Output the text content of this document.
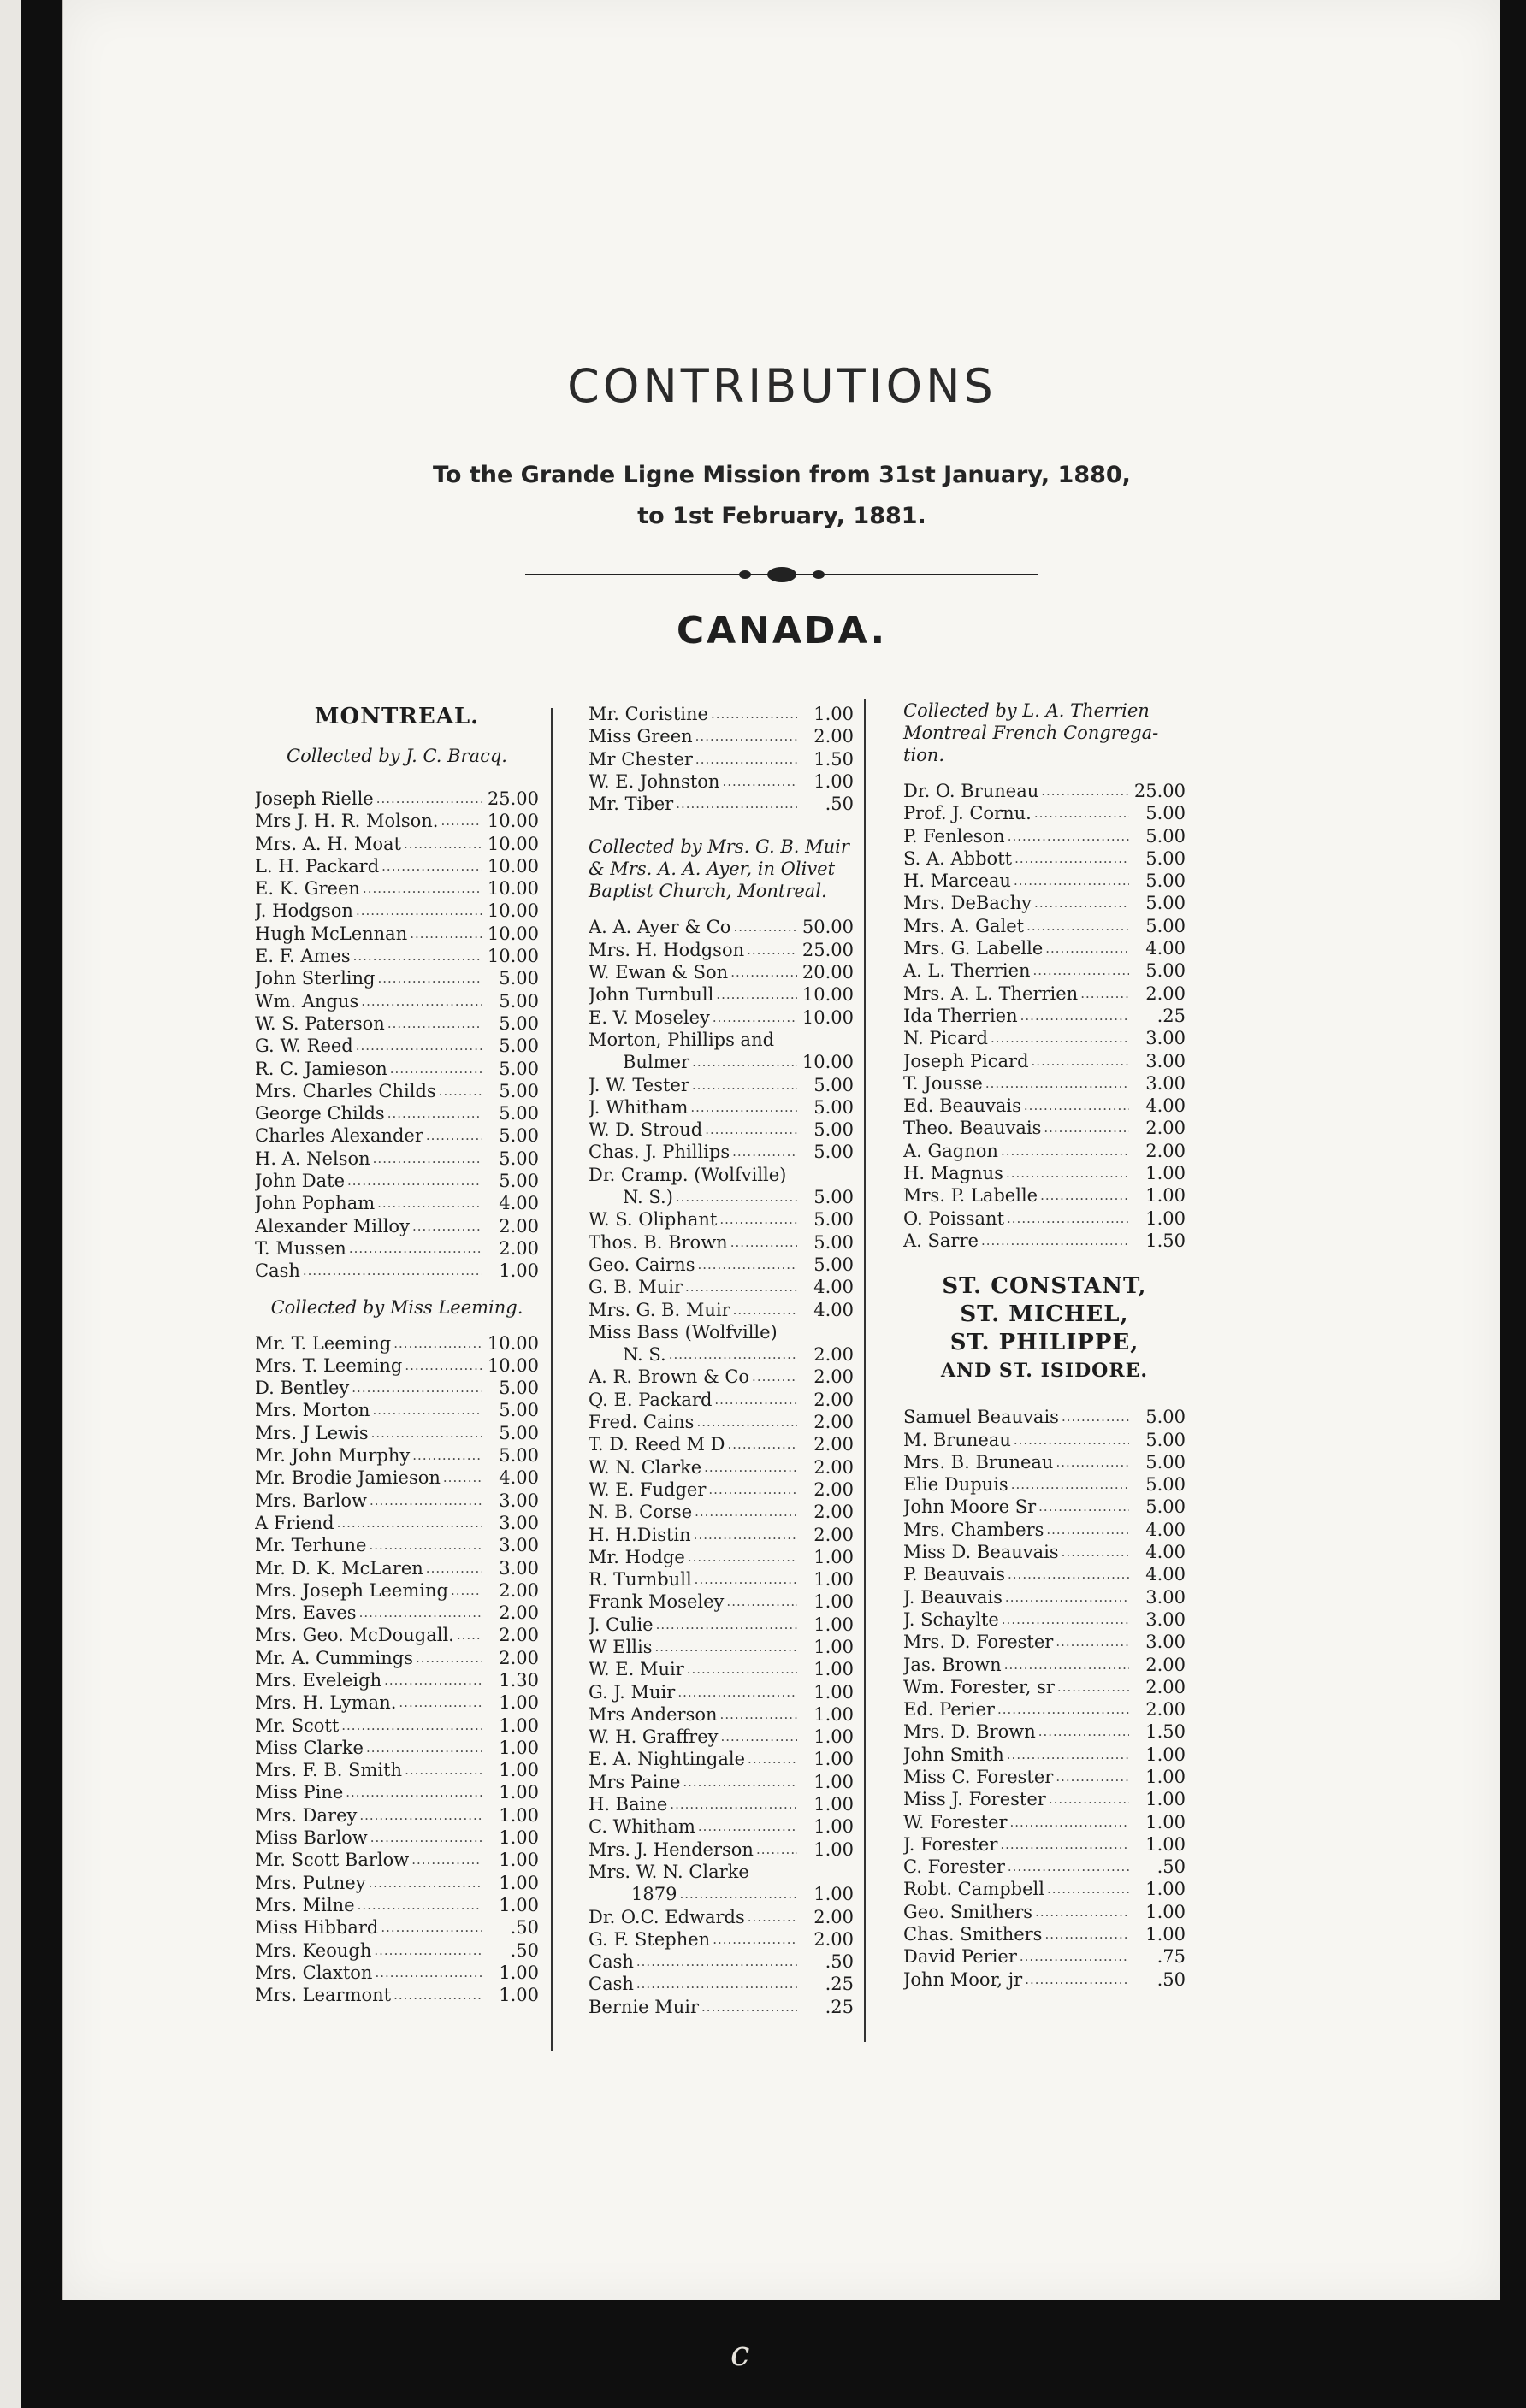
CONTRIBUTIONS
To the Grande Ligne Mission from 31st January, 1880,
to 1st February, 1881.
CANADA.
MONTREAL.
Collected by J. C. Bracq.
Joseph Rielle .....	25.00
Mrs J. H. R. Molson. .....	10.00
Mrs. A. H. Moat .....	10.00
L. H. Packard .....	10.00
E. K. Green .....	10.00
J. Hodgson .....	10.00
Hugh McLennan .....	10.00
E. F. Ames .....	10.00
John Sterling .....	5.00
Wm. Angus .....	5.00
W. S. Paterson .....	5.00
G. W. Reed .....	5.00
R. C. Jamieson .....	5.00
Mrs. Charles Childs .....	5.00
George Childs .....	5.00
Charles Alexander .....	5.00
H. A. Nelson .....	5.00
John Date .....	5.00
John Popham .....	4.00
Alexander Milloy .....	2.00
T. Mussen .....	2.00
Cash .....	1.00
Collected by Miss Leeming.
Mr. T. Leeming .....	10.00
Mrs. T. Leeming .....	10.00
D. Bentley .....	5.00
Mrs. Morton .....	5.00
Mrs. J Lewis .....	5.00
Mr. John Murphy .....	5.00
Mr. Brodie Jamieson .....	4.00
Mrs. Barlow .....	3.00
A Friend .....	3.00
Mr. Terhune .....	3.00
Mr. D. K. McLaren .....	3.00
Mrs. Joseph Leeming .....	2.00
Mrs. Eaves .....	2.00
Mrs. Geo. McDougall. .....	2.00
Mr. A. Cummings .....	2.00
Mrs. Eveleigh .....	1.30
Mrs. H. Lyman. .....	1.00
Mr. Scott .....	1.00
Miss Clarke .....	1.00
Mrs. F. B. Smith .....	1.00
Miss Pine .....	1.00
Mrs. Darey .....	1.00
Miss Barlow .....	1.00
Mr. Scott Barlow .....	1.00
Mrs. Putney .....	1.00
Mrs. Milne .....	1.00
Miss Hibbard .....	.50
Mrs. Keough .....	.50
Mrs. Claxton .....	1.00
Mrs. Learmont .....	1.00
Mr. Coristine .....	1.00
Miss Green .....	2.00
Mr Chester .....	1.50
W. E. Johnston .....	1.00
Mr. Tiber .....	.50
Collected by Mrs. G. B. Muir
& Mrs. A. A. Ayer, in Olivet
Baptist Church, Montreal.
A. A. Ayer & Co .....	50.00
Mrs. H. Hodgson .....	25.00
W. Ewan & Son .....	20.00
John Turnbull .....	10.00
E. V. Moseley .....	10.00
Morton, Phillips and
Bulmer .....	10.00
J. W. Tester .....	5.00
J. Whitham .....	5.00
W. D. Stroud .....	5.00
Chas. J. Phillips .....	5.00
Dr. Cramp. (Wolfville)
N. S.) .....	5.00
W. S. Oliphant .....	5.00
Thos. B. Brown .....	5.00
Geo. Cairns .....	5.00
G. B. Muir .....	4.00
Mrs. G. B. Muir .....	4.00
Miss Bass (Wolfville)
N. S. .....	2.00
A. R. Brown & Co .....	2.00
Q. E. Packard .....	2.00
Fred. Cains .....	2.00
T. D. Reed M D .....	2.00
W. N. Clarke .....	2.00
W. E. Fudger .....	2.00
N. B. Corse .....	2.00
H. H.Distin .....	2.00
Mr. Hodge .....	1.00
R. Turnbull .....	1.00
Frank Moseley .....	1.00
J. Culie .....	1.00
W Ellis .....	1.00
W. E. Muir .....	1.00
G. J. Muir .....	1.00
Mrs Anderson .....	1.00
W. H. Graffrey .....	1.00
E. A. Nightingale .....	1.00
Mrs Paine .....	1.00
H. Baine .....	1.00
C. Whitham .....	1.00
Mrs. J. Henderson .....	1.00
Mrs. W. N. Clarke
1879 .....	1.00
Dr. O.C. Edwards .....	2.00
G. F. Stephen .....	2.00
Cash .....	.50
Cash .....	.25
Bernie Muir .....	.25
Collected by L. A. Therrien
Montreal French Congrega-
tion.
Dr. O. Bruneau .....	25.00
Prof. J. Cornu. .....	5.00
P. Fenleson .....	5.00
S. A. Abbott .....	5.00
H. Marceau .....	5.00
Mrs. DeBachy .....	5.00
Mrs. A. Galet .....	5.00
Mrs. G. Labelle .....	4.00
A. L. Therrien .....	5.00
Mrs. A. L. Therrien .....	2.00
Ida Therrien .....	.25
N. Picard .....	3.00
Joseph Picard .....	3.00
T. Jousse .....	3.00
Ed. Beauvais .....	4.00
Theo. Beauvais .....	2.00
A. Gagnon .....	2.00
H. Magnus .....	1.00
Mrs. P. Labelle .....	1.00
O. Poissant .....	1.00
A. Sarre .....	1.50
ST. CONSTANT,
ST. MICHEL,
ST. PHILIPPE,
AND ST. ISIDORE.
Samuel Beauvais .....	5.00
M. Bruneau .....	5.00
Mrs. B. Bruneau .....	5.00
Elie Dupuis .....	5.00
John Moore Sr .....	5.00
Mrs. Chambers .....	4.00
Miss D. Beauvais .....	4.00
P. Beauvais .....	4.00
J. Beauvais .....	3.00
J. Schaylte .....	3.00
Mrs. D. Forester .....	3.00
Jas. Brown .....	2.00
Wm. Forester, sr .....	2.00
Ed. Perier .....	2.00
Mrs. D. Brown .....	1.50
John Smith .....	1.00
Miss C. Forester .....	1.00
Miss J. Forester .....	1.00
W. Forester .....	1.00
J. Forester .....	1.00
C. Forester .....	.50
Robt. Campbell .....	1.00
Geo. Smithers .....	1.00
Chas. Smithers .....	1.00
David Perier .....	.75
John Moor, jr .....	.50
c
